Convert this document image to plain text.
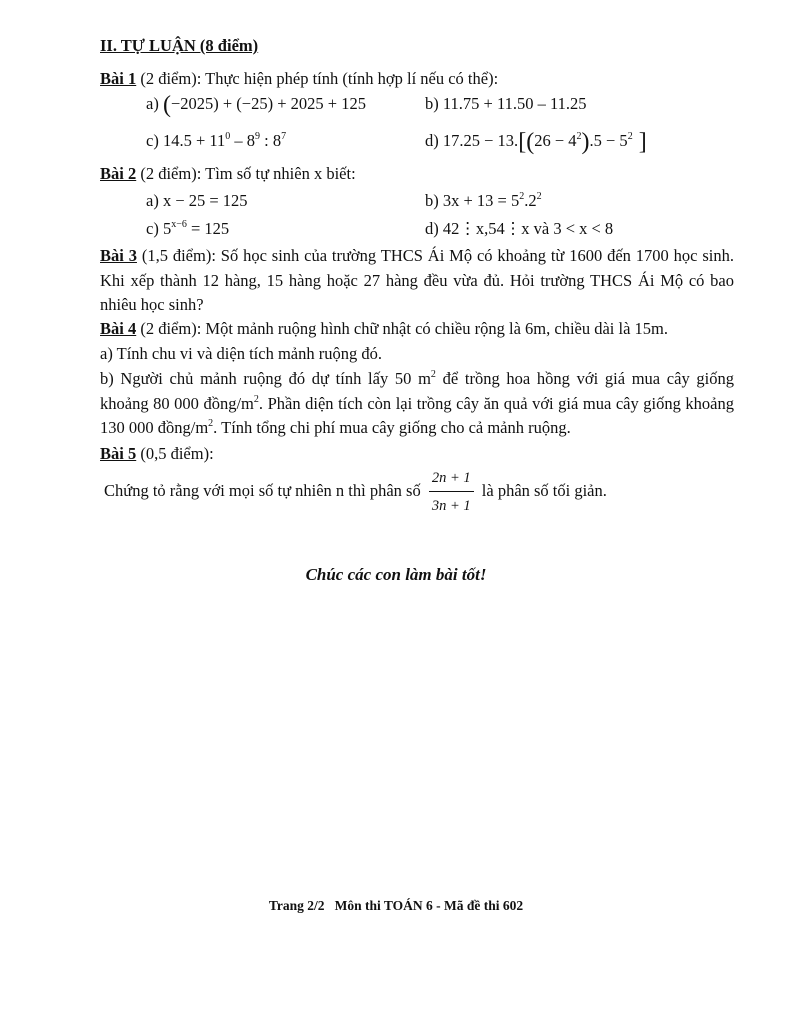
II. TỰ LUẬN (8 điểm)
Bài 1 (2 điểm): Thực hiện phép tính (tính hợp lí nếu có thể):
a) (−2025) + (−25) + 2025 + 125	b) 11.75 + 11.50 – 11.25
c) $14.5 + 11^0 - 8^9$ : $8^7$	d) $17.25 - 13.[(26 - 4^2).5 - 5^2$ ]
Bài 2 (2 điểm): Tìm số tự nhiên x biết:
a) x − 25 = 125	b) $3x + 13 = 5^2.2^2$
c) $5^{x-6} = 125$	d) 42⋮x,54⋮x và 3 < x < 8
Bài 3 (1,5 điểm): Số học sinh của trường THCS Ái Mộ có khoảng từ 1600 đến 1700 học sinh. Khi xếp thành 12 hàng, 15 hàng hoặc 27 hàng đều vừa đủ. Hỏi trường THCS Ái Mộ có bao nhiêu học sinh?
Bài 4 (2 điểm): Một mảnh ruộng hình chữ nhật có chiều rộng là 6m, chiều dài là 15m.
a) Tính chu vi và diện tích mảnh ruộng đó.
b) Người chủ mảnh ruộng đó dự tính lấy 50 $m^2$ để trồng hoa hồng với giá mua cây giống khoảng 80 000 đồng/$m^2$. Phần diện tích còn lại trồng cây ăn quả với giá mua cây giống khoảng 130 000 đồng/$m^2$. Tính tổng chi phí mua cây giống cho cả mảnh ruộng.
Bài 5 (0,5 điểm):
Chứng tỏ rằng với mọi số tự nhiên n thì phân số $\frac{2n + 1}{3n + 1}$ là phân số tối giản.
Chúc các con làm bài tốt!
Trang 2/2   Môn thi TOÁN 6 - Mã đề thi 602
